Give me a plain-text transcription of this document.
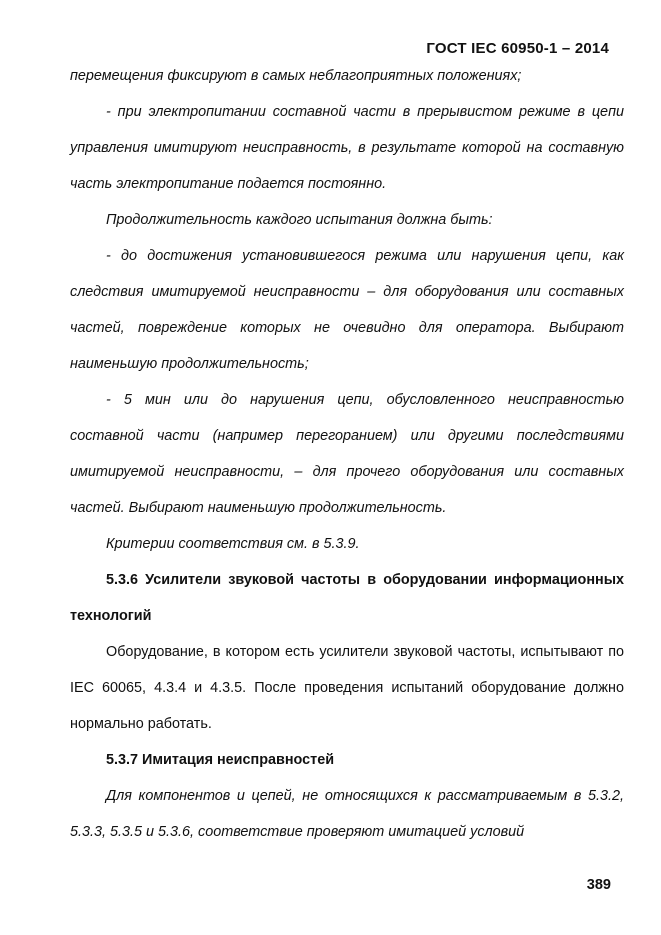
ГОСТ IEC 60950-1 – 2014

перемещения фиксируют в самых неблагоприятных положениях;

- при электропитании составной части в прерывистом режиме в цепи управления имитируют неисправность, в результате которой на составную часть электропитание подается постоянно.

Продолжительность каждого испытания должна быть:

- до достижения установившегося режима или нарушения цепи, как следствия имитируемой неисправности – для оборудования или составных частей, повреждение которых не очевидно для оператора. Выбирают наименьшую продолжительность;

- 5 мин или до нарушения цепи, обусловленного неисправностью составной части (например перегоранием) или другими последствиями имитируемой неисправности, – для прочего оборудования или составных частей. Выбирают наименьшую продолжительность.

Критерии соответствия см. в 5.3.9.

5.3.6 Усилители звуковой частоты в оборудовании информационных технологий

Оборудование, в котором есть усилители звуковой частоты, испытывают по IEC 60065, 4.3.4 и 4.3.5. После проведения испытаний оборудование должно нормально работать.

5.3.7 Имитация неисправностей

Для компонентов и цепей, не относящихся к рассматриваемым в 5.3.2, 5.3.3, 5.3.5 и 5.3.6, соответствие проверяют имитацией условий

389
